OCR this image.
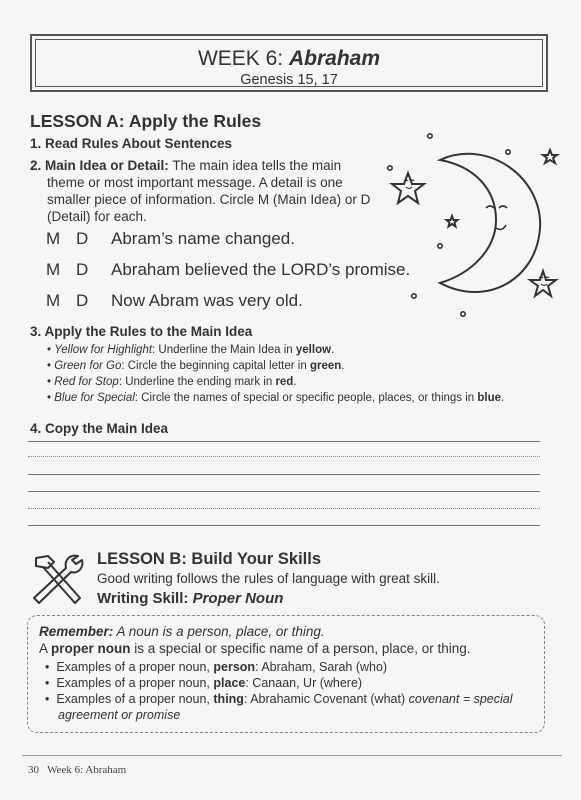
WEEK 6: Abraham
Genesis 15, 17
LESSON A: Apply the Rules
1. Read Rules About Sentences
2. Main Idea or Detail: The main idea tells the main
theme or most important message. A detail is one
smaller piece of information. Circle M (Main Idea) or D
(Detail) for each.
M D Abram’s name changed.
M D Abraham believed the LORD’s promise.
M D Now Abram was very old.
3. Apply the Rules to the Main Idea
• Yellow for Highlight: Underline the Main Idea in yellow.
• Green for Go: Circle the beginning capital letter in green.
• Red for Stop: Underline the ending mark in red.
• Blue for Special: Circle the names of special or specific people, places, or things in blue.
4. Copy the Main Idea
LESSON B: Build Your Skills
Good writing follows the rules of language with great skill.
Writing Skill: Proper Noun
Remember: A noun is a person, place, or thing.
A proper noun is a special or specific name of a person, place, or thing.
•  Examples of a proper noun, person: Abraham, Sarah (who)
•  Examples of a proper noun, place: Canaan, Ur (where)
•  Examples of a proper noun, thing: Abrahamic Covenant (what) covenant = special agreement or promise
30 Week 6: Abraham
